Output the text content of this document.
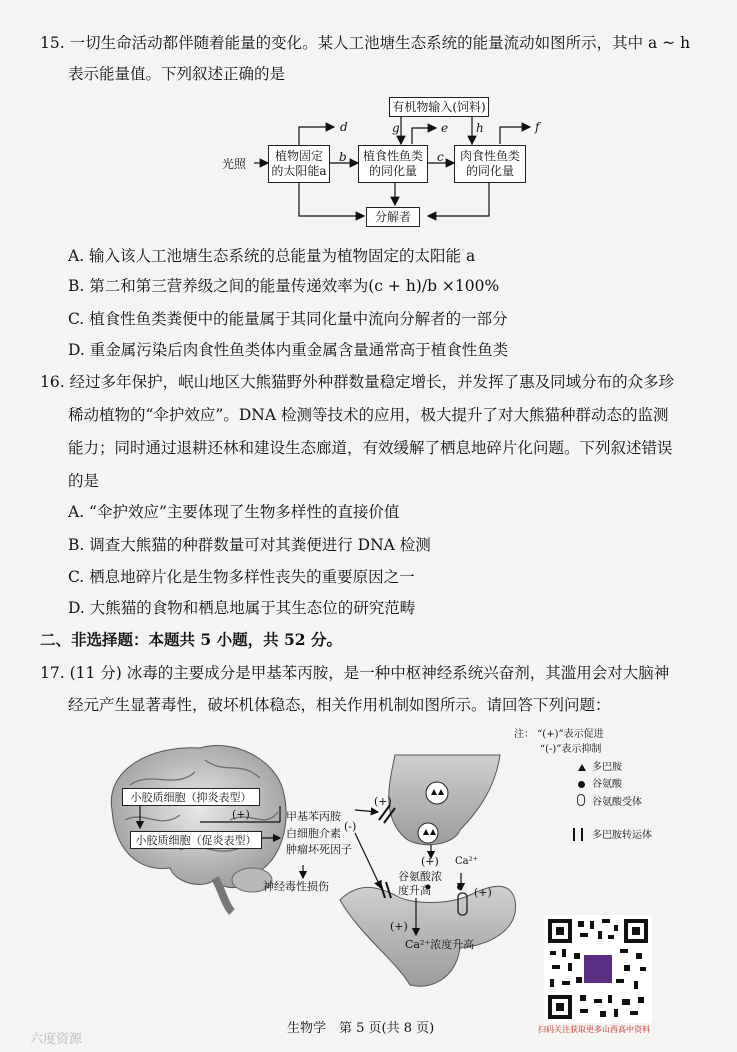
15. 一切生命活动都伴随着能量的变化。某人工池塘生态系统的能量流动如图所示，其中 a ~ h
表示能量值。下列叙述正确的是
有机物输入(饲料)
光照
植物固定
的太阳能a
植食性鱼类
的同化量
肉食性鱼类
的同化量
分解者
d
b	c
e	f
g	h
A. 输入该人工池塘生态系统的总能量为植物固定的太阳能 a
B. 第二和第三营养级之间的能量传递效率为(c + h)/b ×100%
C. 植食性鱼类粪便中的能量属于其同化量中流向分解者的一部分
D. 重金属污染后肉食性鱼类体内重金属含量通常高于植食性鱼类
16. 经过多年保护，岷山地区大熊猫野外种群数量稳定增长，并发挥了惠及同域分布的众多珍
稀动植物的“伞护效应”。DNA 检测等技术的应用，极大提升了对大熊猫种群动态的监测
能力；同时通过退耕还林和建设生态廊道，有效缓解了栖息地碎片化问题。下列叙述错误
的是
A. “伞护效应”主要体现了生物多样性的直接价值
B. 调查大熊猫的种群数量可对其粪便进行 DNA 检测
C. 栖息地碎片化是生物多样性丧失的重要原因之一
D. 大熊猫的食物和栖息地属于其生态位的研究范畴
二、非选择题：本题共 5 小题，共 52 分。
17. (11 分) 冰毒的主要成分是甲基苯丙胺，是一种中枢神经系统兴奋剂，其滥用会对大脑神
经元产生显著毒性，破坏机体稳态，相关作用机制如图所示。请回答下列问题：
注： “(+)”表示促进
“(-)”表示抑制
多巴胺
谷氨酸
谷氨酸受体
多巴胺转运体
小胶质细胞（抑炎表型）
小胶质细胞（促炎表型）
(+)	甲基苯丙胺
白细胞介素
肿瘤坏死因子
神经毒性损伤
(+)
(-)
(+) Ca²⁺
谷氨酸浓
度升高	(+)
(+)
Ca²⁺浓度升高
扫码关注获取更多山西高中资料
生物学　第 5 页(共 8 页)
六度资源
